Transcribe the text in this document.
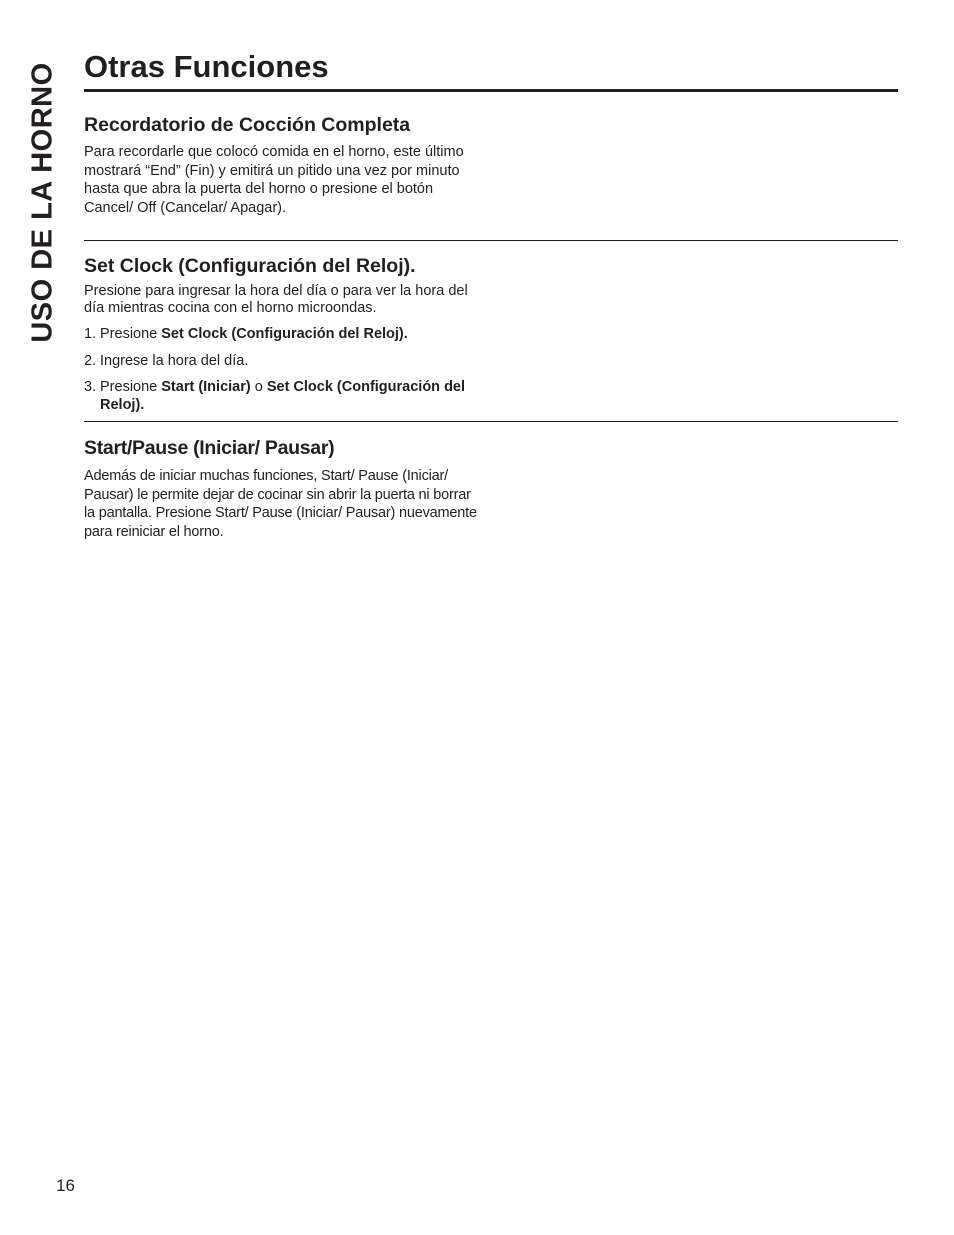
USO DE LA HORNO Otras Funciones
Recordatorio de Cocción Completa

Para recordarle que colocó comida en el horno, este último mostrará “End” (Fin) y emitirá un pitido una vez por minuto hasta que abra la puerta del horno o presione el botón Cancel/ Off (Cancelar/ Apagar).

Set Clock (Configuración del Reloj).

Presione para ingresar la hora del día o para ver la hora del día mientras cocina con el horno microondas.

1. Presione Set Clock (Configuración del Reloj).
2. Ingrese la hora del día.
3. Presione Start (Iniciar) o Set Clock (Configuración del Reloj).
Start/Pause (Iniciar/ Pausar)

Además de iniciar muchas funciones, Start/ Pause (Iniciar/ Pausar) le permite dejar de cocinar sin abrir la puerta ni borrar la pantalla. Presione Start/ Pause (Iniciar/ Pausar) nuevamente para reiniciar el horno.

16
